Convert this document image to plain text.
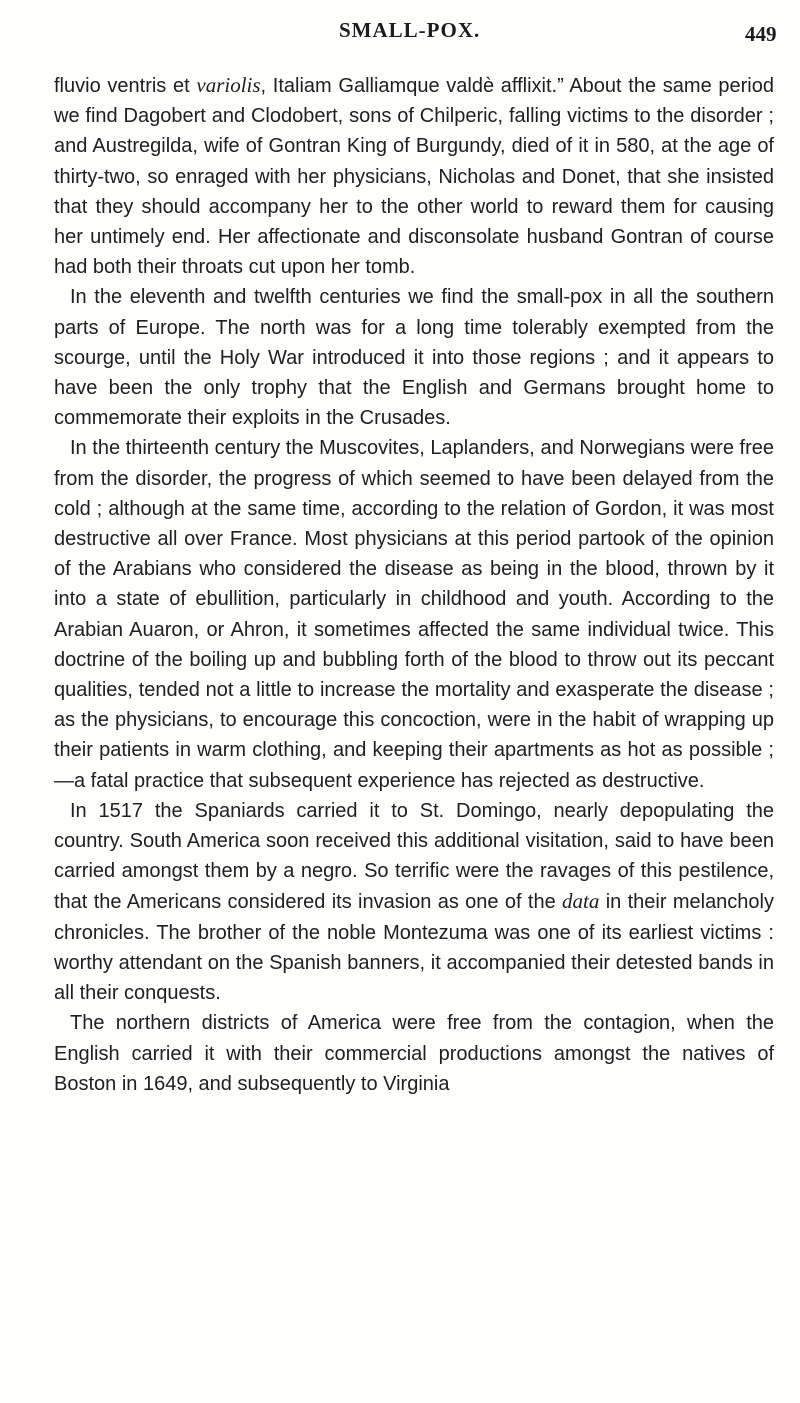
SMALL-POX.	449

fluvio ventris et variolis, Italiam Galliamque valdè afflixit.” About the same period we find Dagobert and Clodobert, sons of Chilperic, falling victims to the disorder ; and Austregilda, wife of Gontran King of Burgundy, died of it in 580, at the age of thirty-two, so enraged with her physicians, Nicholas and Donet, that she insisted that they should accompany her to the other world to reward them for causing her untimely end. Her affectionate and disconsolate husband Gontran of course had both their throats cut upon her tomb.

In the eleventh and twelfth centuries we find the small-pox in all the southern parts of Europe. The north was for a long time tolerably exempted from the scourge, until the Holy War introduced it into those regions ; and it appears to have been the only trophy that the English and Germans brought home to commemorate their exploits in the Crusades.

In the thirteenth century the Muscovites, Laplanders, and Norwegians were free from the disorder, the progress of which seemed to have been delayed from the cold ; although at the same time, according to the relation of Gordon, it was most destructive all over France. Most physicians at this period partook of the opinion of the Arabians who considered the disease as being in the blood, thrown by it into a state of ebullition, particularly in childhood and youth. According to the Arabian Auaron, or Ahron, it sometimes affected the same individual twice. This doctrine of the boiling up and bubbling forth of the blood to throw out its peccant qualities, tended not a little to increase the mortality and exasperate the disease ; as the physicians, to encourage this concoction, were in the habit of wrapping up their patients in warm clothing, and keeping their apartments as hot as possible ;—a fatal practice that subsequent experience has rejected as destructive.

In 1517 the Spaniards carried it to St. Domingo, nearly depopulating the country. South America soon received this additional visitation, said to have been carried amongst them by a negro. So terrific were the ravages of this pestilence, that the Americans considered its invasion as one of the data in their melancholy chronicles. The brother of the noble Montezuma was one of its earliest victims : worthy attendant on the Spanish banners, it accompanied their detested bands in all their conquests.

The northern districts of America were free from the contagion, when the English carried it with their commercial productions amongst the natives of Boston in 1649, and subsequently to Virginia
